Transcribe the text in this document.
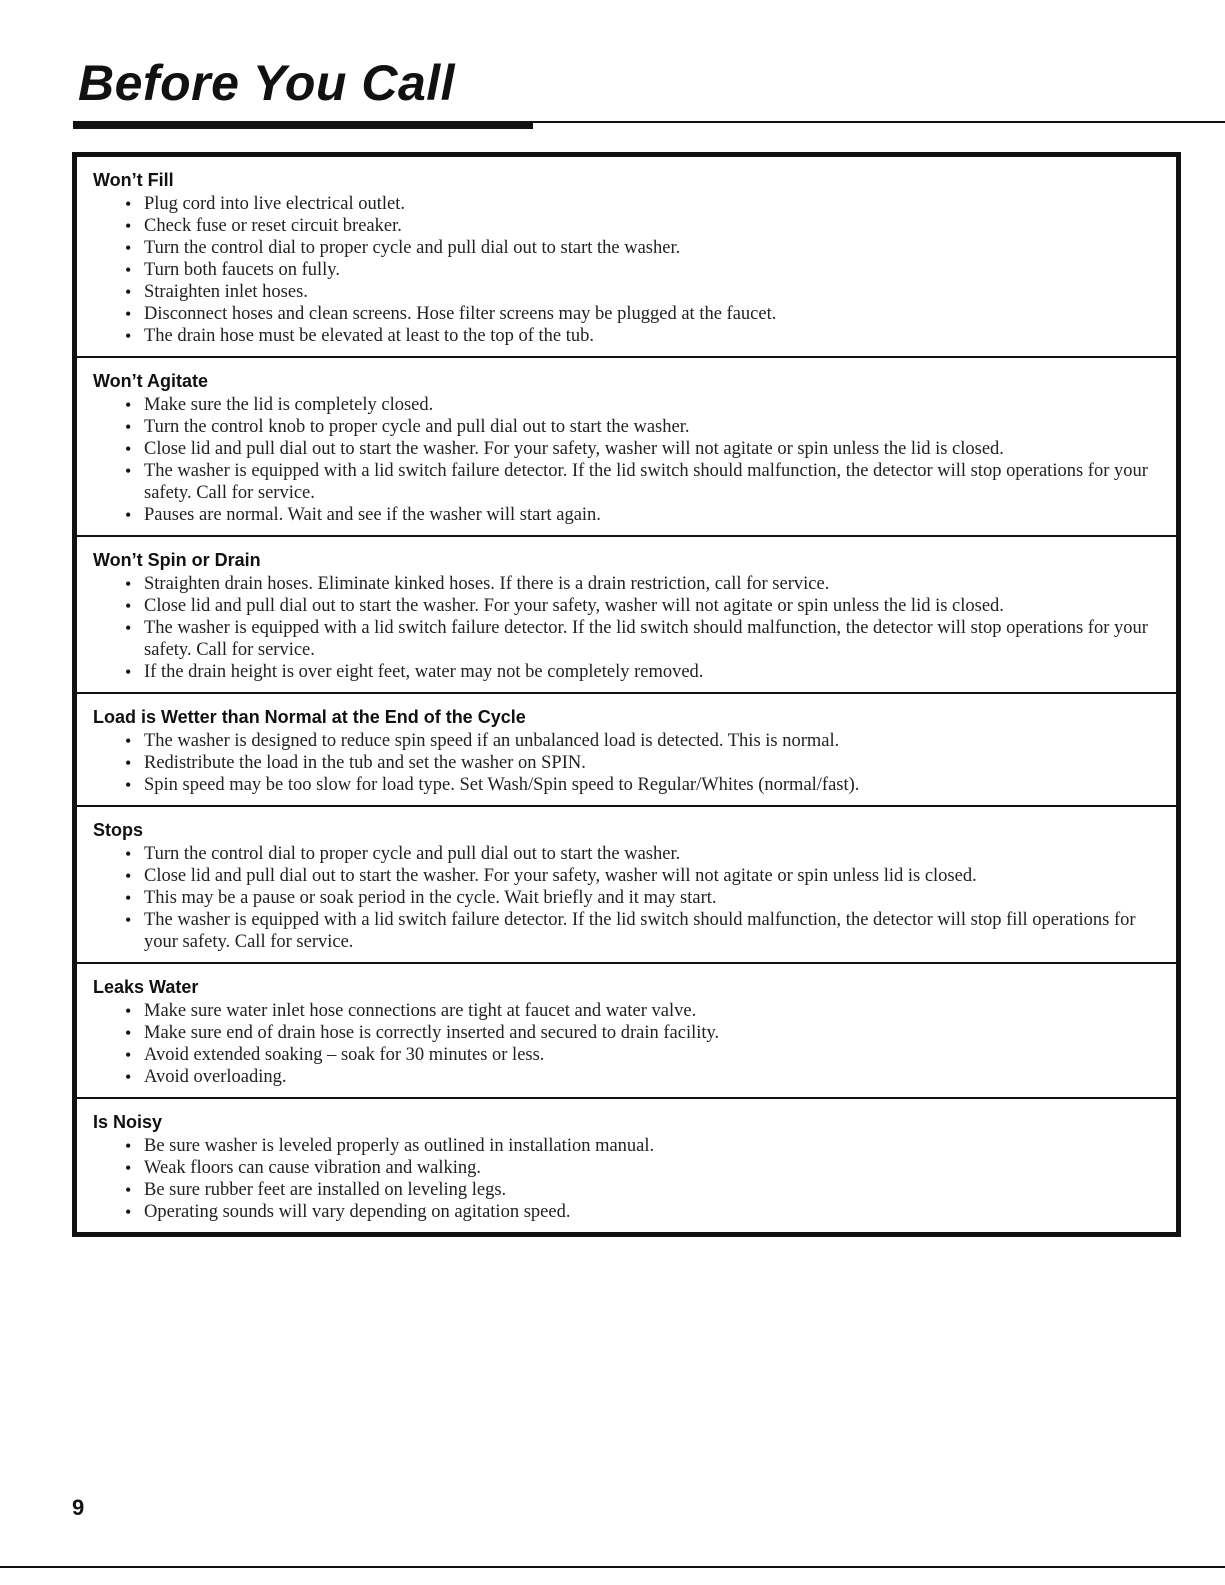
Before You Call
Won’t Fill
• Plug cord into live electrical outlet.
• Check fuse or reset circuit breaker.
• Turn the control dial to proper cycle and pull dial out to start the washer.
• Turn both faucets on fully.
• Straighten inlet hoses.
• Disconnect hoses and clean screens. Hose filter screens may be plugged at the faucet.
• The drain hose must be elevated at least to the top of the tub.
Won’t Agitate
• Make sure the lid is completely closed.
• Turn the control knob to proper cycle and pull dial out to start the washer.
• Close lid and pull dial out to start the washer. For your safety, washer will not agitate or spin unless the lid is closed.
• The washer is equipped with a lid switch failure detector. If the lid switch should malfunction, the detector will stop operations for your safety. Call for service.
• Pauses are normal. Wait and see if the washer will start again.
Won’t Spin or Drain
• Straighten drain hoses. Eliminate kinked hoses. If there is a drain restriction, call for service.
• Close lid and pull dial out to start the washer. For your safety, washer will not agitate or spin unless the lid is closed.
• The washer is equipped with a lid switch failure detector. If the lid switch should malfunction, the detector will stop operations for your safety. Call for service.
• If the drain height is over eight feet, water may not be completely removed.
Load is Wetter than Normal at the End of the Cycle
• The washer is designed to reduce spin speed if an unbalanced load is detected. This is normal.
• Redistribute the load in the tub and set the washer on SPIN.
• Spin speed may be too slow for load type. Set Wash/Spin speed to Regular/Whites (normal/fast).
Stops
• Turn the control dial to proper cycle and pull dial out to start the washer.
• Close lid and pull dial out to start the washer. For your safety, washer will not agitate or spin unless lid is closed.
• This may be a pause or soak period in the cycle. Wait briefly and it may start.
• The washer is equipped with a lid switch failure detector. If the lid switch should malfunction, the detector will stop fill operations for your safety. Call for service.
Leaks Water
• Make sure water inlet hose connections are tight at faucet and water valve.
• Make sure end of drain hose is correctly inserted and secured to drain facility.
• Avoid extended soaking – soak for 30 minutes or less.
• Avoid overloading.
Is Noisy
• Be sure washer is leveled properly as outlined in installation manual.
• Weak floors can cause vibration and walking.
• Be sure rubber feet are installed on leveling legs.
• Operating sounds will vary depending on agitation speed.
9
